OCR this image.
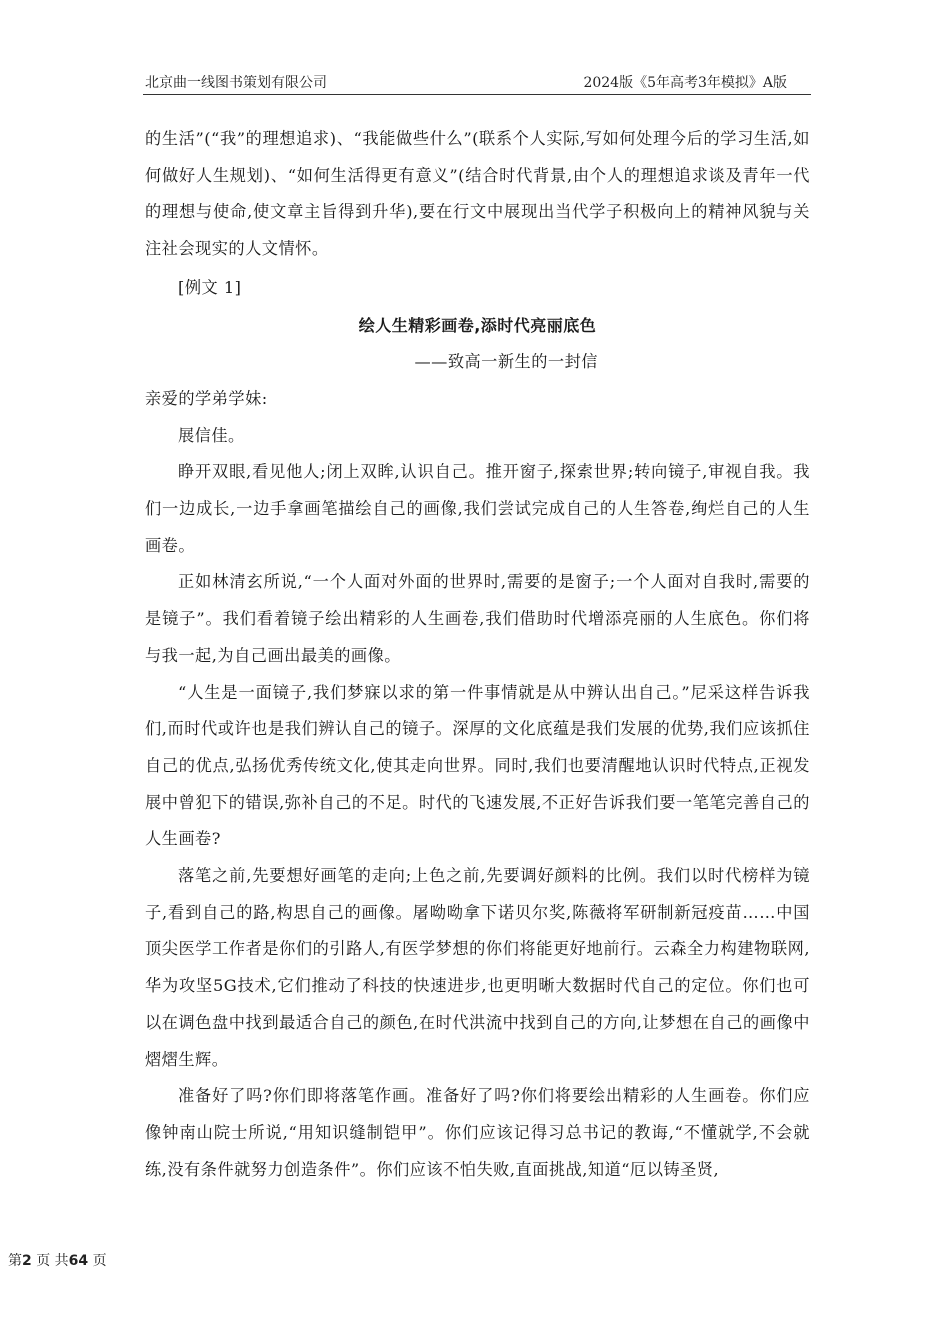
北京曲一线图书策划有限公司	2024版《5年高考3年模拟》A版

的生活”(“我”的理想追求)、“我能做些什么”(联系个人实际,写如何处理今后的学习生活,如何做好人生规划)、“如何生活得更有意义”(结合时代背景,由个人的理想追求谈及青年一代的理想与使命,使文章主旨得到升华),要在行文中展现出当代学子积极向上的精神风貌与关注社会现实的人文情怀。

[例文 1]

绘人生精彩画卷,添时代亮丽底色

——致高一新生的一封信

亲爱的学弟学妹:

展信佳。

睁开双眼,看见他人;闭上双眸,认识自己。推开窗子,探索世界;转向镜子,审视自我。我们一边成长,一边手拿画笔描绘自己的画像,我们尝试完成自己的人生答卷,绚烂自己的人生画卷。

正如林清玄所说,“一个人面对外面的世界时,需要的是窗子;一个人面对自我时,需要的是镜子”。我们看着镜子绘出精彩的人生画卷,我们借助时代增添亮丽的人生底色。你们将与我一起,为自己画出最美的画像。

“人生是一面镜子,我们梦寐以求的第一件事情就是从中辨认出自己。”尼采这样告诉我们,而时代或许也是我们辨认自己的镜子。深厚的文化底蕴是我们发展的优势,我们应该抓住自己的优点,弘扬优秀传统文化,使其走向世界。同时,我们也要清醒地认识时代特点,正视发展中曾犯下的错误,弥补自己的不足。时代的飞速发展,不正好告诉我们要一笔笔完善自己的人生画卷?

落笔之前,先要想好画笔的走向;上色之前,先要调好颜料的比例。我们以时代榜样为镜子,看到自己的路,构思自己的画像。屠呦呦拿下诺贝尔奖,陈薇将军研制新冠疫苗……中国顶尖医学工作者是你们的引路人,有医学梦想的你们将能更好地前行。云森全力构建物联网,华为攻坚5G技术,它们推动了科技的快速进步,也更明晰大数据时代自己的定位。你们也可以在调色盘中找到最适合自己的颜色,在时代洪流中找到自己的方向,让梦想在自己的画像中熠熠生辉。

准备好了吗?你们即将落笔作画。准备好了吗?你们将要绘出精彩的人生画卷。你们应像钟南山院士所说,“用知识缝制铠甲”。你们应该记得习总书记的教诲,“不懂就学,不会就练,没有条件就努力创造条件”。你们应该不怕失败,直面挑战,知道“厄以铸圣贤,

第2 页 共64 页
